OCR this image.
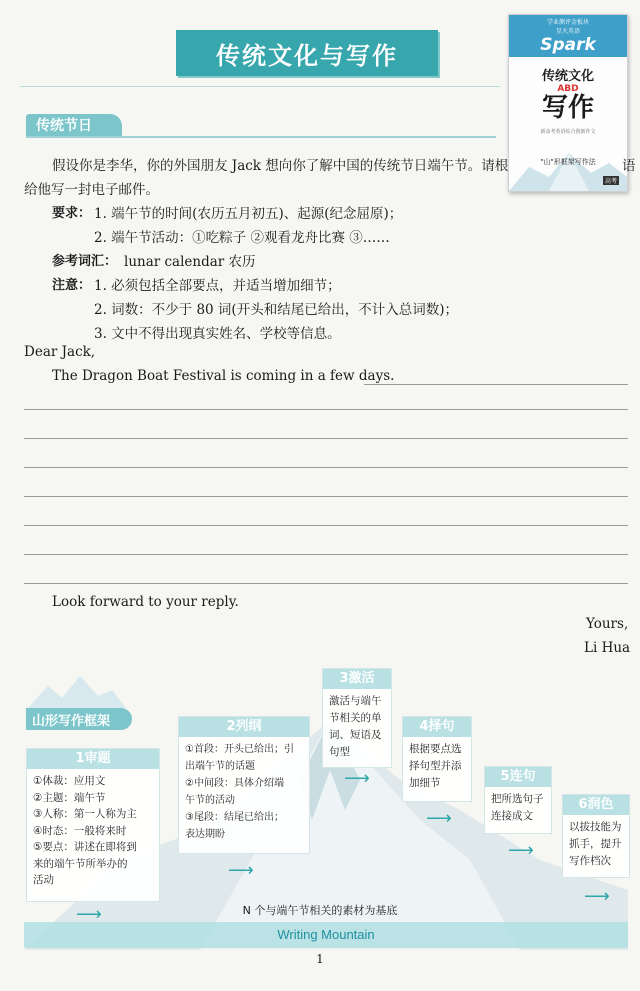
传统文化与写作
学业测评金板块
星火英语
Spark
传统文化
ABD
写作
新高考英语综合创新作文
"山"形框架写作法
高考
传统节日
假设你是李华，你的外国朋友 Jack 想向你了解中国的传统节日端午节。请根	语
给他写一封电子邮件。
要求： 1. 端午节的时间(农历五月初五)、起源(纪念屈原)；
2. 端午节活动：①吃粽子 ②观看龙舟比赛 ③……
参考词汇： lunar calendar 农历
注意： 1. 必须包括全部要点，并适当增加细节；
2. 词数：不少于 80 词(开头和结尾已给出，不计入总词数)；
3. 文中不得出现真实姓名、学校等信息。
Dear Jack,
The Dragon Boat Festival is coming in a few days.
Look forward to your reply.
Yours,
Li Hua
山形写作框架
1审题
①体裁：应用文
②主题：端午节
③人称：第一人称为主
④时态：一般将来时
⑤要点：讲述在即将到
来的端午节所举办的
活动
2列纲
①首段：开头已给出；引
出端午节的话题
②中间段：具体介绍端
午节的活动
③尾段：结尾已给出；
表达期盼
3激活
激活与端午
节相关的单
词、短语及
句型
4择句
根据要点选
择句型并添
加细节	5连句
把所选句子
连接成文
6润色
以拔技能为
抓手，提升
写作档次
⟶
⟶
⟶
⟶
⟶
⟶
N 个与端午节相关的素材为基底
Writing Mountain
1
